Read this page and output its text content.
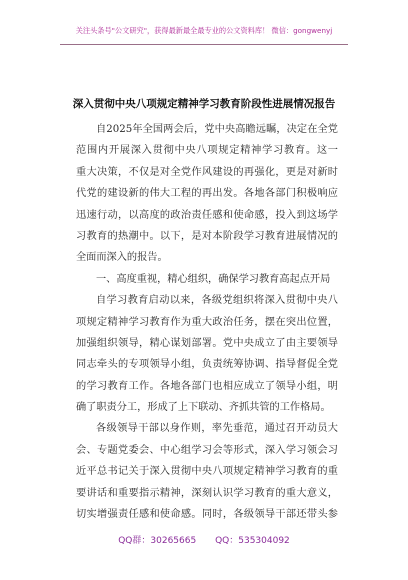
关注头条号"公文研究"，获得最新最全最专业的公文资料库！ 微信：gongwenyj
深入贯彻中央八项规定精神学习教育阶段性进展情况报告
自2025年全国两会后，党中央高瞻远瞩，决定在全党
范围内开展深入贯彻中央八项规定精神学习教育。这一
重大决策，不仅是对全党作风建设的再强化，更是对新时
代党的建设新的伟大工程的再出发。各地各部门积极响应
迅速行动，以高度的政治责任感和使命感，投入到这场学
习教育的热潮中。以下，是对本阶段学习教育进展情况的
全面而深入的报告。
一、高度重视，精心组织，确保学习教育高起点开局
自学习教育启动以来，各级党组织将深入贯彻中央八
项规定精神学习教育作为重大政治任务，摆在突出位置，
加强组织领导，精心谋划部署。党中央成立了由主要领导
同志牵头的专项领导小组，负责统筹协调、指导督促全党
的学习教育工作。各地各部门也相应成立了领导小组，明
确了职责分工，形成了上下联动、齐抓共管的工作格局。
各级领导干部以身作则，率先垂范，通过召开动员大
会、专题党委会、中心组学习会等形式，深入学习领会习
近平总书记关于深入贯彻中央八项规定精神学习教育的重
要讲话和重要指示精神，深刻认识学习教育的重大意义，
切实增强责任感和使命感。同时，各级领导干部还带头参
QQ群：30265665 QQ：535304092
